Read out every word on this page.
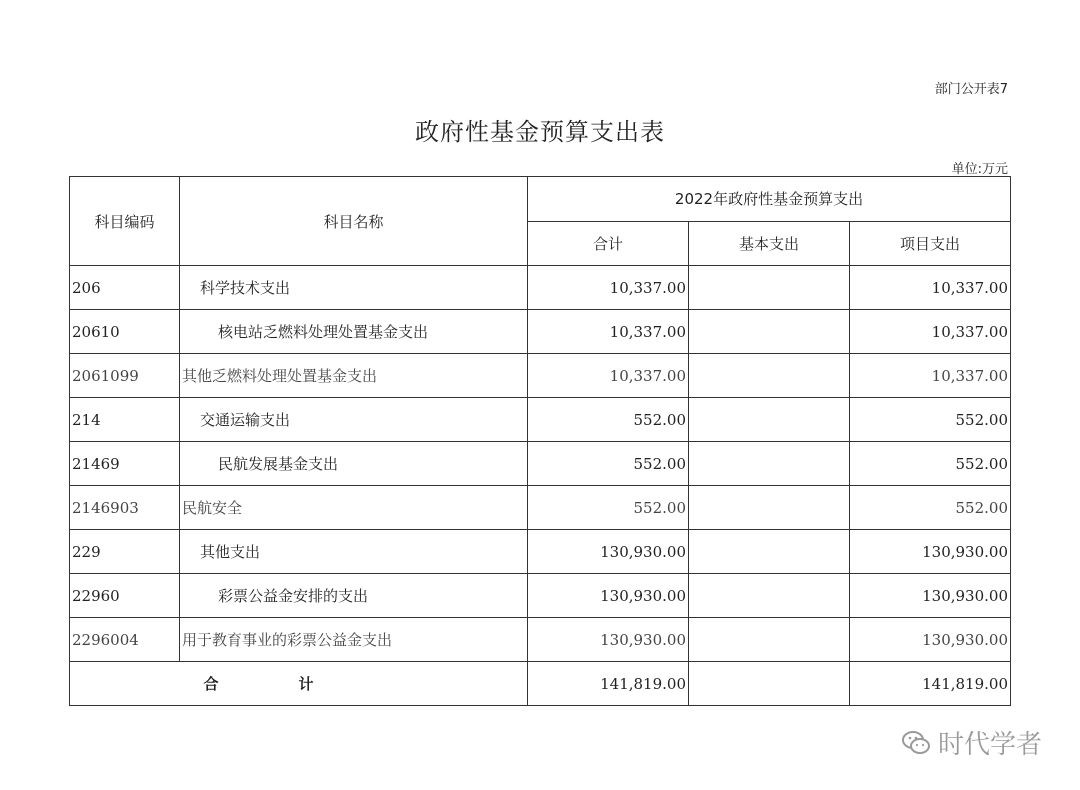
部门公开表7
政府性基金预算支出表
单位:万元
科目编码	科目名称	2022年政府性基金预算支出		
		合计	基本支出	项目支出
206	科学技术支出	10,337.00		10,337.00
20610	核电站乏燃料处理处置基金支出	10,337.00		10,337.00
2061099	其他乏燃料处理处置基金支出	10,337.00		10,337.00
214	交通运输支出	552.00		552.00
21469	民航发展基金支出	552.00		552.00
2146903	民航安全	552.00		552.00
229	其他支出	130,930.00		130,930.00
22960	彩票公益金安排的支出	130,930.00		130,930.00
2296004	用于教育事业的彩票公益金支出	130,930.00		130,930.00
合计		141,819.00		141,819.00
时代学者
